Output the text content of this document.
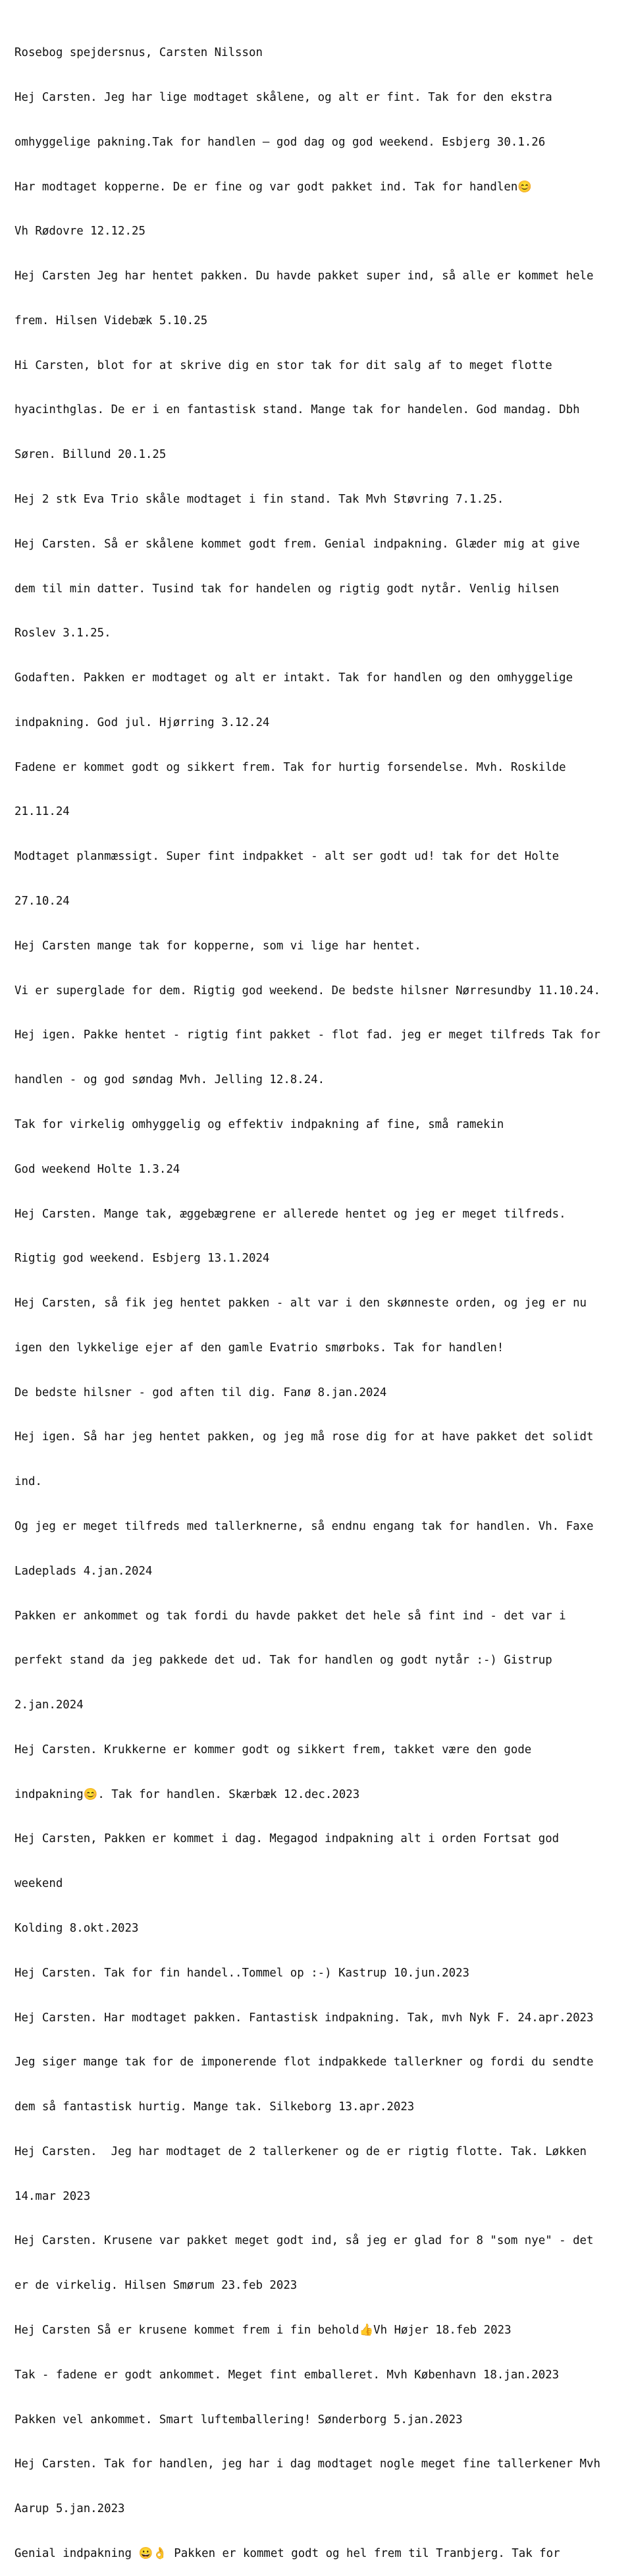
Rosebog spejdersnus, Carsten Nilsson

Hej Carsten. Jeg har lige modtaget skålene, og alt er fint. Tak for den ekstra

omhyggelige pakning.Tak for handlen – god dag og god weekend. Esbjerg 30.1.26

Har modtaget kopperne. De er fine og var godt pakket ind. Tak for handlen😊

Vh Rødovre 12.12.25

Hej Carsten Jeg har hentet pakken. Du havde pakket super ind, så alle er kommet hele

frem. Hilsen Videbæk 5.10.25

Hi Carsten, blot for at skrive dig en stor tak for dit salg af to meget flotte

hyacinthglas. De er i en fantastisk stand. Mange tak for handelen. God mandag. Dbh

Søren. Billund 20.1.25

Hej 2 stk Eva Trio skåle modtaget i fin stand. Tak Mvh Støvring 7.1.25.

Hej Carsten. Så er skålene kommet godt frem. Genial indpakning. Glæder mig at give

dem til min datter. Tusind tak for handelen og rigtig godt nytår. Venlig hilsen

Roslev 3.1.25.

Godaften. Pakken er modtaget og alt er intakt. Tak for handlen og den omhyggelige

indpakning. God jul. Hjørring 3.12.24

Fadene er kommet godt og sikkert frem. Tak for hurtig forsendelse. Mvh. Roskilde

21.11.24

Modtaget planmæssigt. Super fint indpakket - alt ser godt ud! tak for det Holte

27.10.24

Hej Carsten mange tak for kopperne, som vi lige har hentet.

Vi er superglade for dem. Rigtig god weekend. De bedste hilsner Nørresundby 11.10.24.

Hej igen. Pakke hentet - rigtig fint pakket - flot fad. jeg er meget tilfreds Tak for

handlen - og god søndag Mvh. Jelling 12.8.24.

Tak for virkelig omhyggelig og effektiv indpakning af fine, små ramekin

God weekend Holte 1.3.24

Hej Carsten. Mange tak, æggebægrene er allerede hentet og jeg er meget tilfreds.

Rigtig god weekend. Esbjerg 13.1.2024

Hej Carsten, så fik jeg hentet pakken - alt var i den skønneste orden, og jeg er nu

igen den lykkelige ejer af den gamle Evatrio smørboks. Tak for handlen!

De bedste hilsner - god aften til dig. Fanø 8.jan.2024

Hej igen. Så har jeg hentet pakken, og jeg må rose dig for at have pakket det solidt

ind.

Og jeg er meget tilfreds med tallerknerne, så endnu engang tak for handlen. Vh. Faxe

Ladeplads 4.jan.2024

Pakken er ankommet og tak fordi du havde pakket det hele så fint ind - det var i

perfekt stand da jeg pakkede det ud. Tak for handlen og godt nytår :-) Gistrup

2.jan.2024

Hej Carsten. Krukkerne er kommer godt og sikkert frem, takket være den gode

indpakning😊. Tak for handlen. Skærbæk 12.dec.2023

Hej Carsten, Pakken er kommet i dag. Megagod indpakning alt i orden Fortsat god

weekend

Kolding 8.okt.2023

Hej Carsten. Tak for fin handel..Tommel op :-) Kastrup 10.jun.2023

Hej Carsten. Har modtaget pakken. Fantastisk indpakning. Tak, mvh Nyk F. 24.apr.2023

Jeg siger mange tak for de imponerende flot indpakkede tallerkner og fordi du sendte

dem så fantastisk hurtig. Mange tak. Silkeborg 13.apr.2023

Hej Carsten.  Jeg har modtaget de 2 tallerkener og de er rigtig flotte. Tak. Løkken

14.mar 2023

Hej Carsten. Krusene var pakket meget godt ind, så jeg er glad for 8 "som nye" - det

er de virkelig. Hilsen Smørum 23.feb 2023

Hej Carsten Så er krusene kommet frem i fin behold👍Vh Højer 18.feb 2023

Tak - fadene er godt ankommet. Meget fint emballeret. Mvh København 18.jan.2023

Pakken vel ankommet. Smart luftemballering! Sønderborg 5.jan.2023

Hej Carsten. Tak for handlen, jeg har i dag modtaget nogle meget fine tallerkener Mvh

Aarup 5.jan.2023

Genial indpakning 😀👌 Pakken er kommet godt og hel frem til Tranbjerg. Tak for
